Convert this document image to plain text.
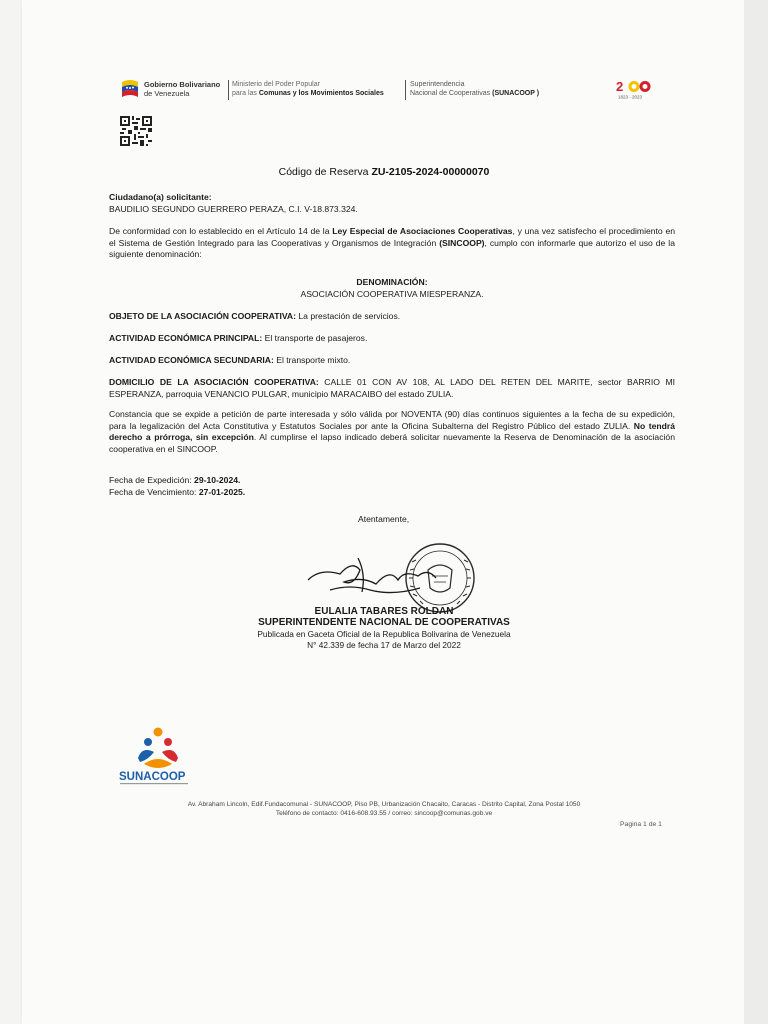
Gobierno Bolivariano
de Venezuela
Ministerio del Poder Popular
para las Comunas y los Movimientos Sociales
Superintendencia
Nacional de Cooperativas (SUNACOOP )	2
1823 - 2023
Código de Reserva ZU-2105-2024-00000070
Ciudadano(a) solicitante:
BAUDILIO SEGUNDO GUERRERO PERAZA, C.I. V-18.873.324.
De conformidad con lo establecido en el Artículo 14 de la Ley Especial de Asociaciones Cooperativas, y una vez satisfecho el procedimiento en el Sistema de Gestión Integrado para las Cooperativas y Organismos de Integración (SINCOOP), cumplo con informarle que autorizo el uso de la siguiente denominación:
DENOMINACIÓN:
ASOCIACIÓN COOPERATIVA MIESPERANZA.
OBJETO DE LA ASOCIACIÓN COOPERATIVA: La prestación de servicios.
ACTIVIDAD ECONÓMICA PRINCIPAL: El transporte de pasajeros.
ACTIVIDAD ECONÓMICA SECUNDARIA: El transporte mixto.
DOMICILIO DE LA ASOCIACIÓN COOPERATIVA: CALLE 01 CON AV 108, AL LADO DEL RETEN DEL MARITE, sector BARRIO MI ESPERANZA, parroquia VENANCIO PULGAR, municipio MARACAIBO del estado ZULIA.
Constancia que se expide a petición de parte interesada y sólo válida por NOVENTA (90) días continuos siguientes a la fecha de su expedición, para la legalización del Acta Constitutiva y Estatutos Sociales por ante la Oficina Subalterna del Registro Público del estado ZULIA. No tendrá derecho a prórroga, sin excepción. Al cumplirse el lapso indicado deberá solicitar nuevamente la Reserva de Denominación de la asociación cooperativa en el SINCOOP.
Fecha de Expedición: 29-10-2024.
Fecha de Vencimiento: 27-01-2025.
Atentamente,
EULALIA TABARES ROLDAN
SUPERINTENDENTE NACIONAL DE COOPERATIVAS
Publicada en Gaceta Oficial de la Republica Bolivarina de Venezuela
N° 42.339 de fecha 17 de Marzo del 2022
SUNACOOP
Av. Abraham Lincoln, Edif.Fundacomunal - SUNACOOP, Piso PB, Urbanización Chacaito, Caracas - Distrito Capital, Zona Postal 1050
Teléfono de contacto: 0416-608.93.55 / correo: sincoop@comunas.gob.ve
Pagina 1 de 1
